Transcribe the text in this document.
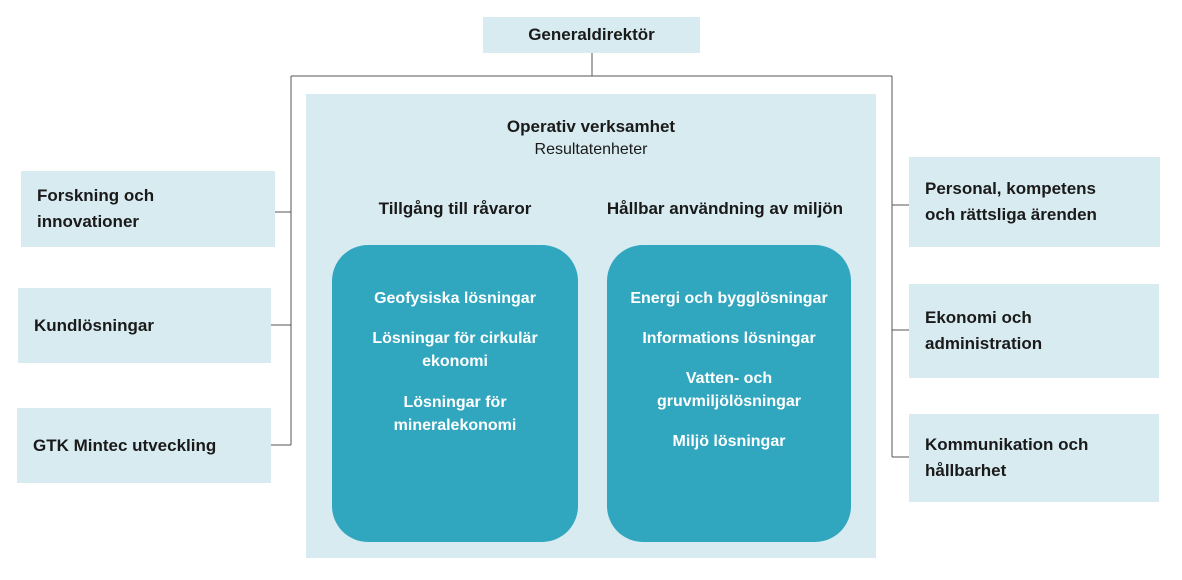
Generaldirektör
Forskning och innovationer
Kundlösningar
GTK Mintec utveckling
Personal, kompetens och rättsliga ärenden
Ekonomi och administration
Kommunikation och hållbarhet
Operativ verksamhet
Resultatenheter
Tillgång till råvaror	Hållbar användning av miljön
Geofysiska lösningar
Lösningar för cirkulär ekonomi
Lösningar för mineralekonomi
Energi och bygglösningar
Informations lösningar
Vatten- och gruvmiljölösningar
Miljö lösningar
